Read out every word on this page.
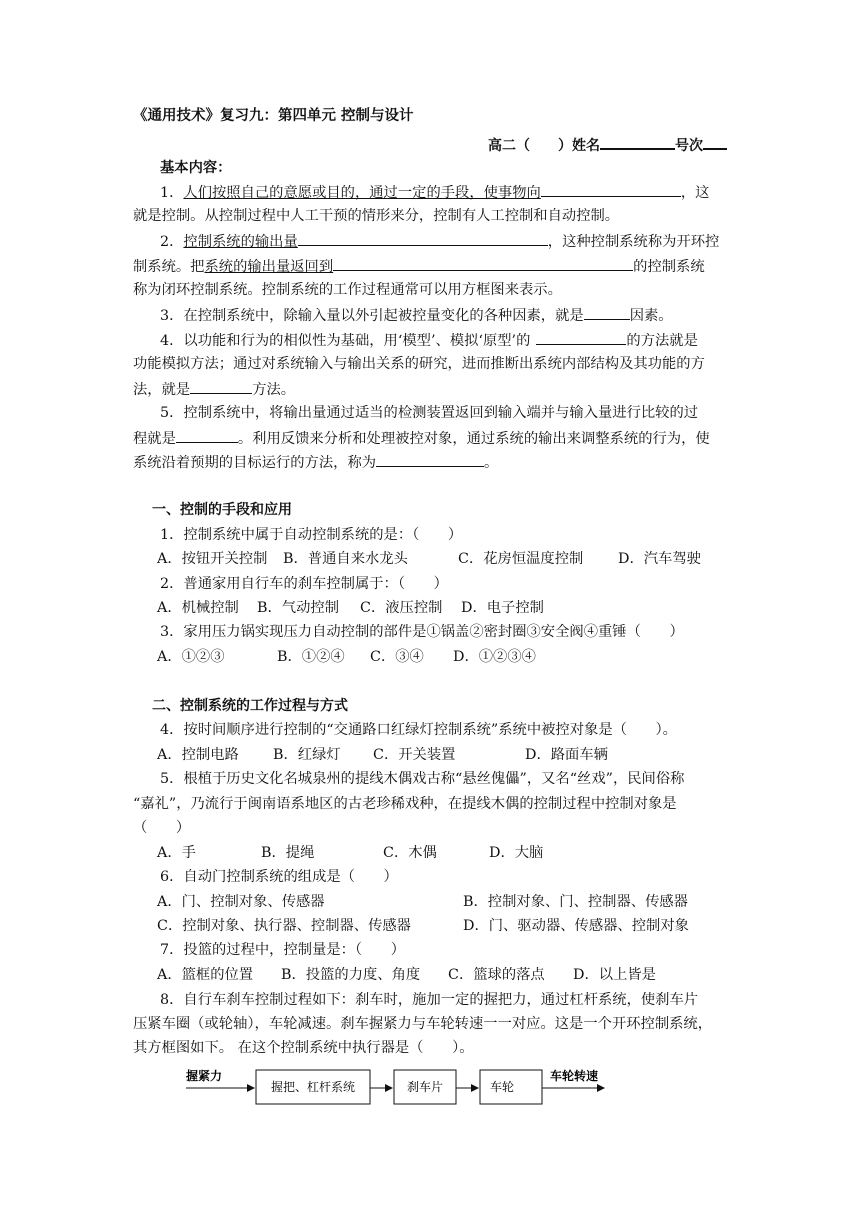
《通用技术》复习九：第四单元 控制与设计
高二（　　）姓名	号次
基本内容：
1．人们按照自己的意愿或目的，通过一定的手段，使事物向	，这
就是控制。从控制过程中人工干预的情形来分，控制有人工控制和自动控制。
2．控制系统的输出量	，这种控制系统称为开环控
制系统。把系统的输出量返回到	的控制系统
称为闭环控制系统。控制系统的工作过程通常可以用方框图来表示。
3．在控制系统中，除输入量以外引起被控量变化的各种因素，就是	因素。
4．以功能和行为的相似性为基础，用‘模型’、模拟‘原型’的	的方法就是
功能模拟方法；通过对系统输入与输出关系的研究，进而推断出系统内部结构及其功能的方
法，就是	方法。
5．控制系统中，将输出量通过适当的检测装置返回到输入端并与输入量进行比较的过
程就是	。利用反馈来分析和处理被控对象，通过系统的输出来调整系统的行为，使
系统沿着预期的目标运行的方法，称为	。
一、控制的手段和应用
1．控制系统中属于自动控制系统的是：（　　）
A．按钮开关控制 B．普通自来水龙头	C．花房恒温度控制 D．汽车驾驶
2．普通家用自行车的刹车控制属于：（　　）
A．机械控制 B．气动控制 C．液压控制 D．电子控制
3．家用压力锅实现压力自动控制的部件是①锅盖②密封圈③安全阀④重锤（　　）
A．①②③	B．①②④ C．③④ D．①②③④
二、控制系统的工作过程与方式
4．按时间顺序进行控制的“交通路口红绿灯控制系统”系统中被控对象是（　　）。
A．控制电路 B．红绿灯 C．开关装置	D．路面车辆
5．根植于历史文化名城泉州的提线木偶戏古称“悬丝傀儡”，又名“丝戏”，民间俗称
“嘉礼”，乃流行于闽南语系地区的古老珍稀戏种，在提线木偶的控制过程中控制对象是
（　　）
A．手	B．提绳	C．木偶	D．大脑
6．自动门控制系统的组成是（　　）
A．门、控制对象、传感器	B．控制对象、门、控制器、传感器
C．控制对象、执行器、控制器、传感器	D．门、驱动器、传感器、控制对象
7．投篮的过程中，控制量是：（　　）
A．篮框的位置 B．投篮的力度、角度 C．篮球的落点 D．以上皆是
8．自行车刹车控制过程如下：刹车时，施加一定的握把力，通过杠杆系统，使刹车片
压紧车圈（或轮轴），车轮减速。刹车握紧力与车轮转速一一对应。这是一个开环控制系统，
其方框图如下。 在这个控制系统中执行器是（　　）。
握紧力
握把、杠杆系统	刹车片	车轮
车轮转速
